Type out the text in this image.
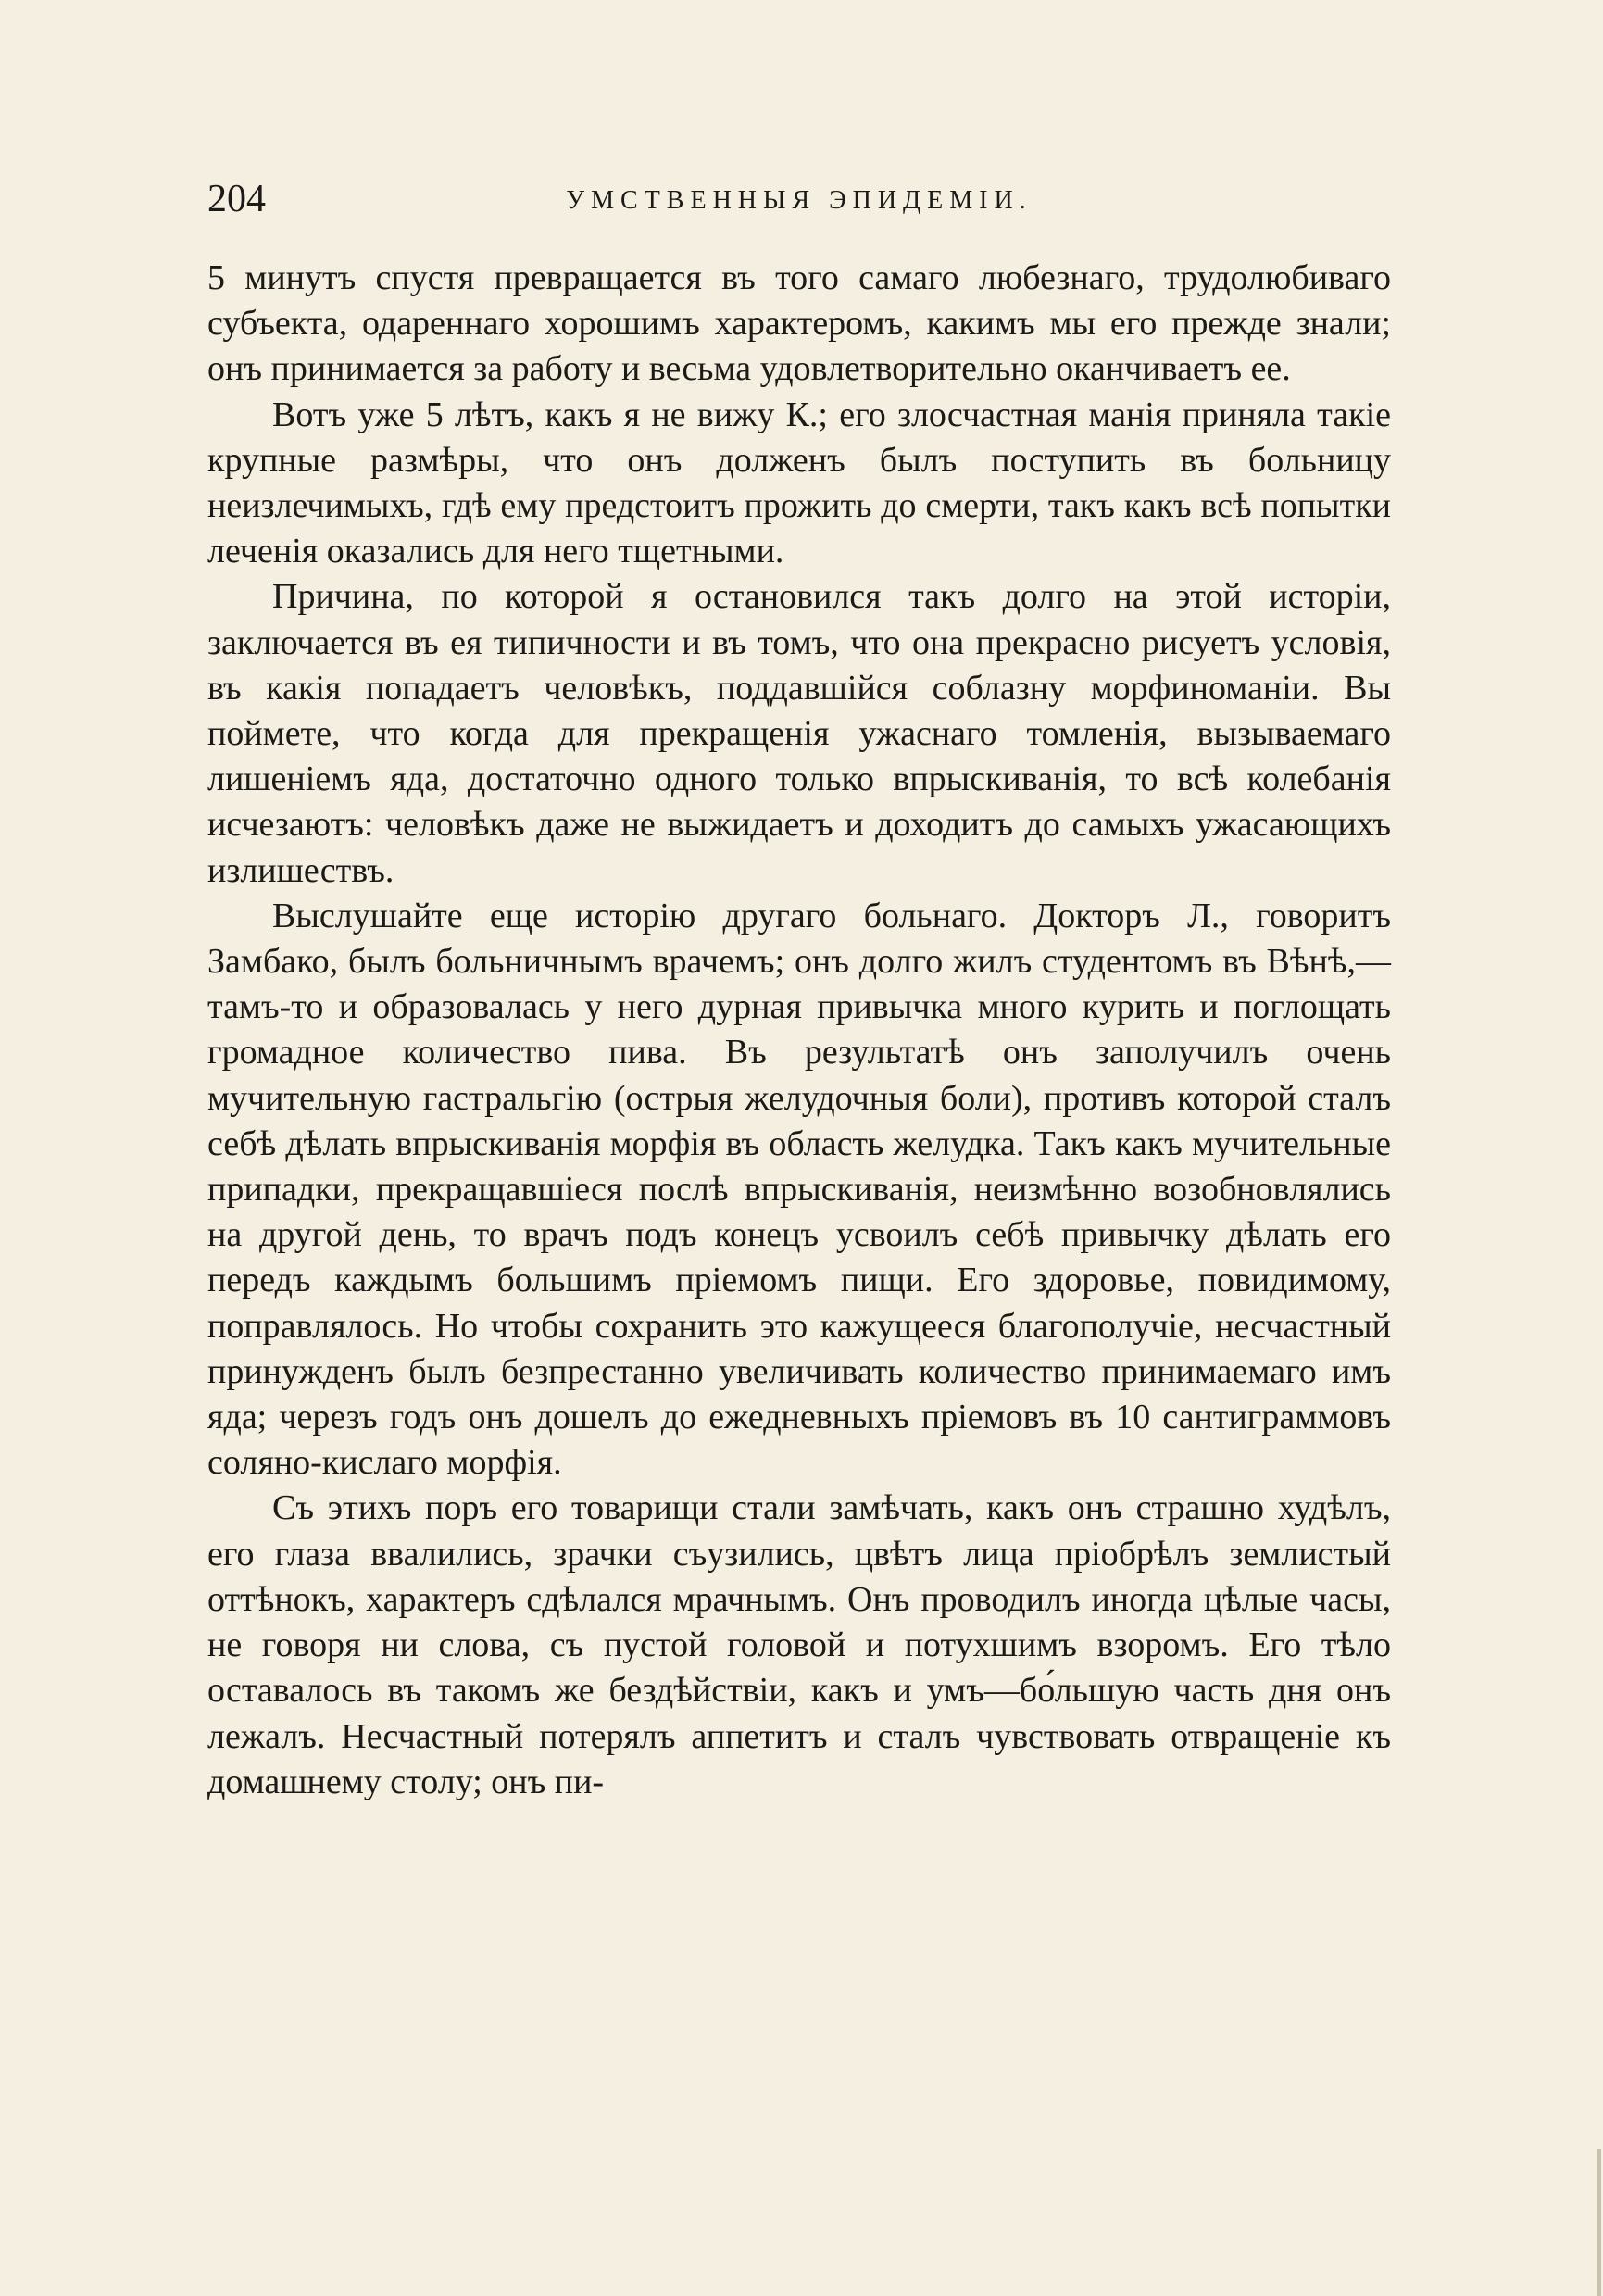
204	УМСТВЕННЫЯ ЭПИДЕМІИ.

5 минутъ спустя превращается въ того самаго любезнаго, трудолюбиваго субъекта, одареннаго хорошимъ характеромъ, какимъ мы его прежде знали; онъ принимается за работу и весьма удовлетворительно оканчиваетъ ее.

Вотъ уже 5 лѣтъ, какъ я не вижу К.; его злосчастная манія приняла такіе крупные размѣры, что онъ долженъ былъ поступить въ больницу неизлечимыхъ, гдѣ ему предстоитъ прожить до смерти, такъ какъ всѣ попытки леченія оказались для него тщетными.

Причина, по которой я остановился такъ долго на этой исторіи, заключается въ ея типичности и въ томъ, что она прекрасно рисуетъ условія, въ какія попадаетъ человѣкъ, поддавшійся соблазну морфиноманіи. Вы поймете, что когда для прекращенія ужаснаго томленія, вызываемаго лишеніемъ яда, достаточно одного только впрыскиванія, то всѣ колебанія исчезаютъ: человѣкъ даже не выжидаетъ и доходитъ до самыхъ ужасающихъ излишествъ.

Выслушайте еще исторію другаго больнаго. Докторъ Л., говоритъ Замбако, былъ больничнымъ врачемъ; онъ долго жилъ студентомъ въ Вѣнѣ,—тамъ-то и образовалась у него дурная привычка много курить и поглощать громадное количество пива. Въ результатѣ онъ заполучилъ очень мучительную гастральгію (острыя желудочныя боли), противъ которой сталъ себѣ дѣлать впрыскиванія морфія въ область желудка. Такъ какъ мучительные припадки, прекращавшіеся послѣ впрыскиванія, неизмѣнно возобновлялись на другой день, то врачъ подъ конецъ усвоилъ себѣ привычку дѣлать его передъ каждымъ большимъ пріемомъ пищи. Его здоровье, повидимому, поправлялось. Но чтобы сохранить это кажущееся благополучіе, несчастный принужденъ былъ безпрестанно увеличивать количество принимаемаго имъ яда; черезъ годъ онъ дошелъ до ежедневныхъ пріемовъ въ 10 сантиграммовъ соляно-кислаго морфія.

Съ этихъ поръ его товарищи стали замѣчать, какъ онъ страшно худѣлъ, его глаза ввалились, зрачки съузились, цвѣтъ лица пріобрѣлъ землистый оттѣнокъ, характеръ сдѣлался мрачнымъ. Онъ проводилъ иногда цѣлые часы, не говоря ни слова, съ пустой головой и потухшимъ взоромъ. Его тѣло оставалось въ такомъ же бездѣйствіи, какъ и умъ—бо́льшую часть дня онъ лежалъ. Несчастный потерялъ аппетитъ и сталъ чувствовать отвращеніе къ домашнему столу; онъ пи-
